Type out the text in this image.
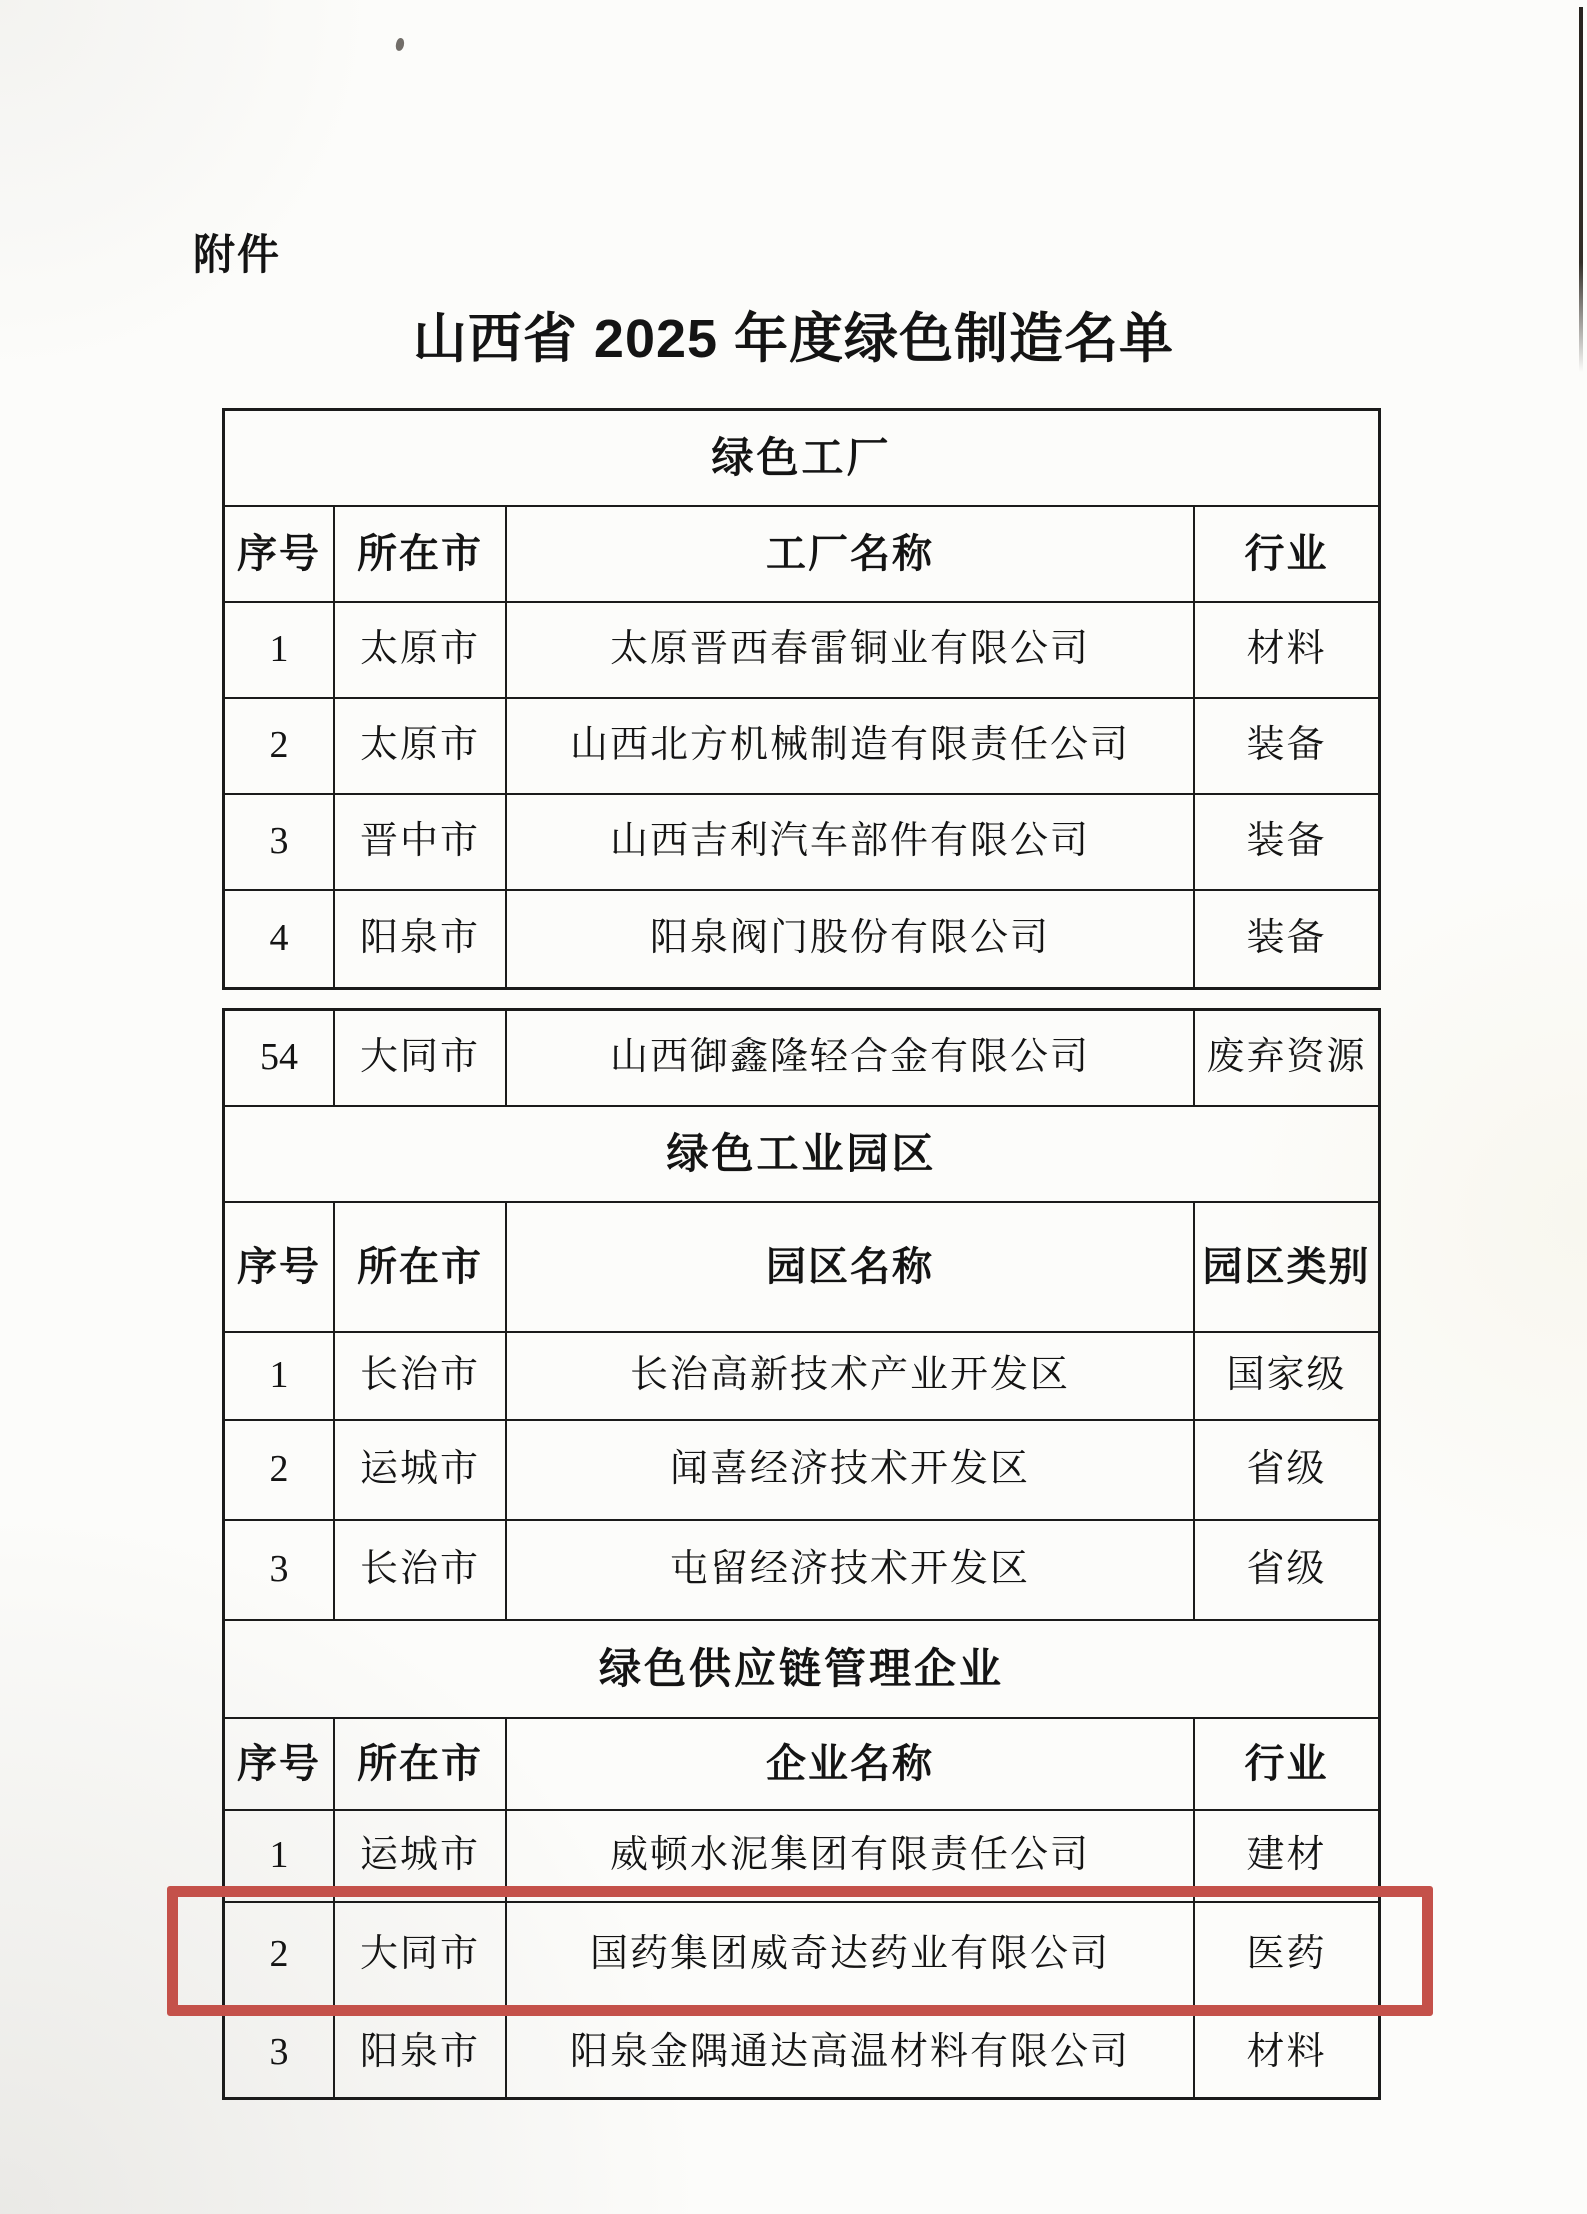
附件
山西省 2025 年度绿色制造名单
绿色工厂
序号 所在市	工厂名称	行业
1	太原市	太原晋西春雷铜业有限公司	材料
2	太原市	山西北方机械制造有限责任公司	装备
3	晋中市	山西吉利汽车部件有限公司	装备
4	阳泉市	阳泉阀门股份有限公司	装备
54	大同市	山西御鑫隆轻合金有限公司	废弃资源
绿色工业园区
序号 所在市	园区名称	园区类别
1	长治市	长治高新技术产业开发区	国家级
2	运城市	闻喜经济技术开发区	省级
3	长治市	屯留经济技术开发区	省级
绿色供应链管理企业
序号 所在市	企业名称	行业
1	运城市	威顿水泥集团有限责任公司	建材
2	大同市	国药集团威奇达药业有限公司	医药
3	阳泉市	阳泉金隅通达高温材料有限公司	材料
